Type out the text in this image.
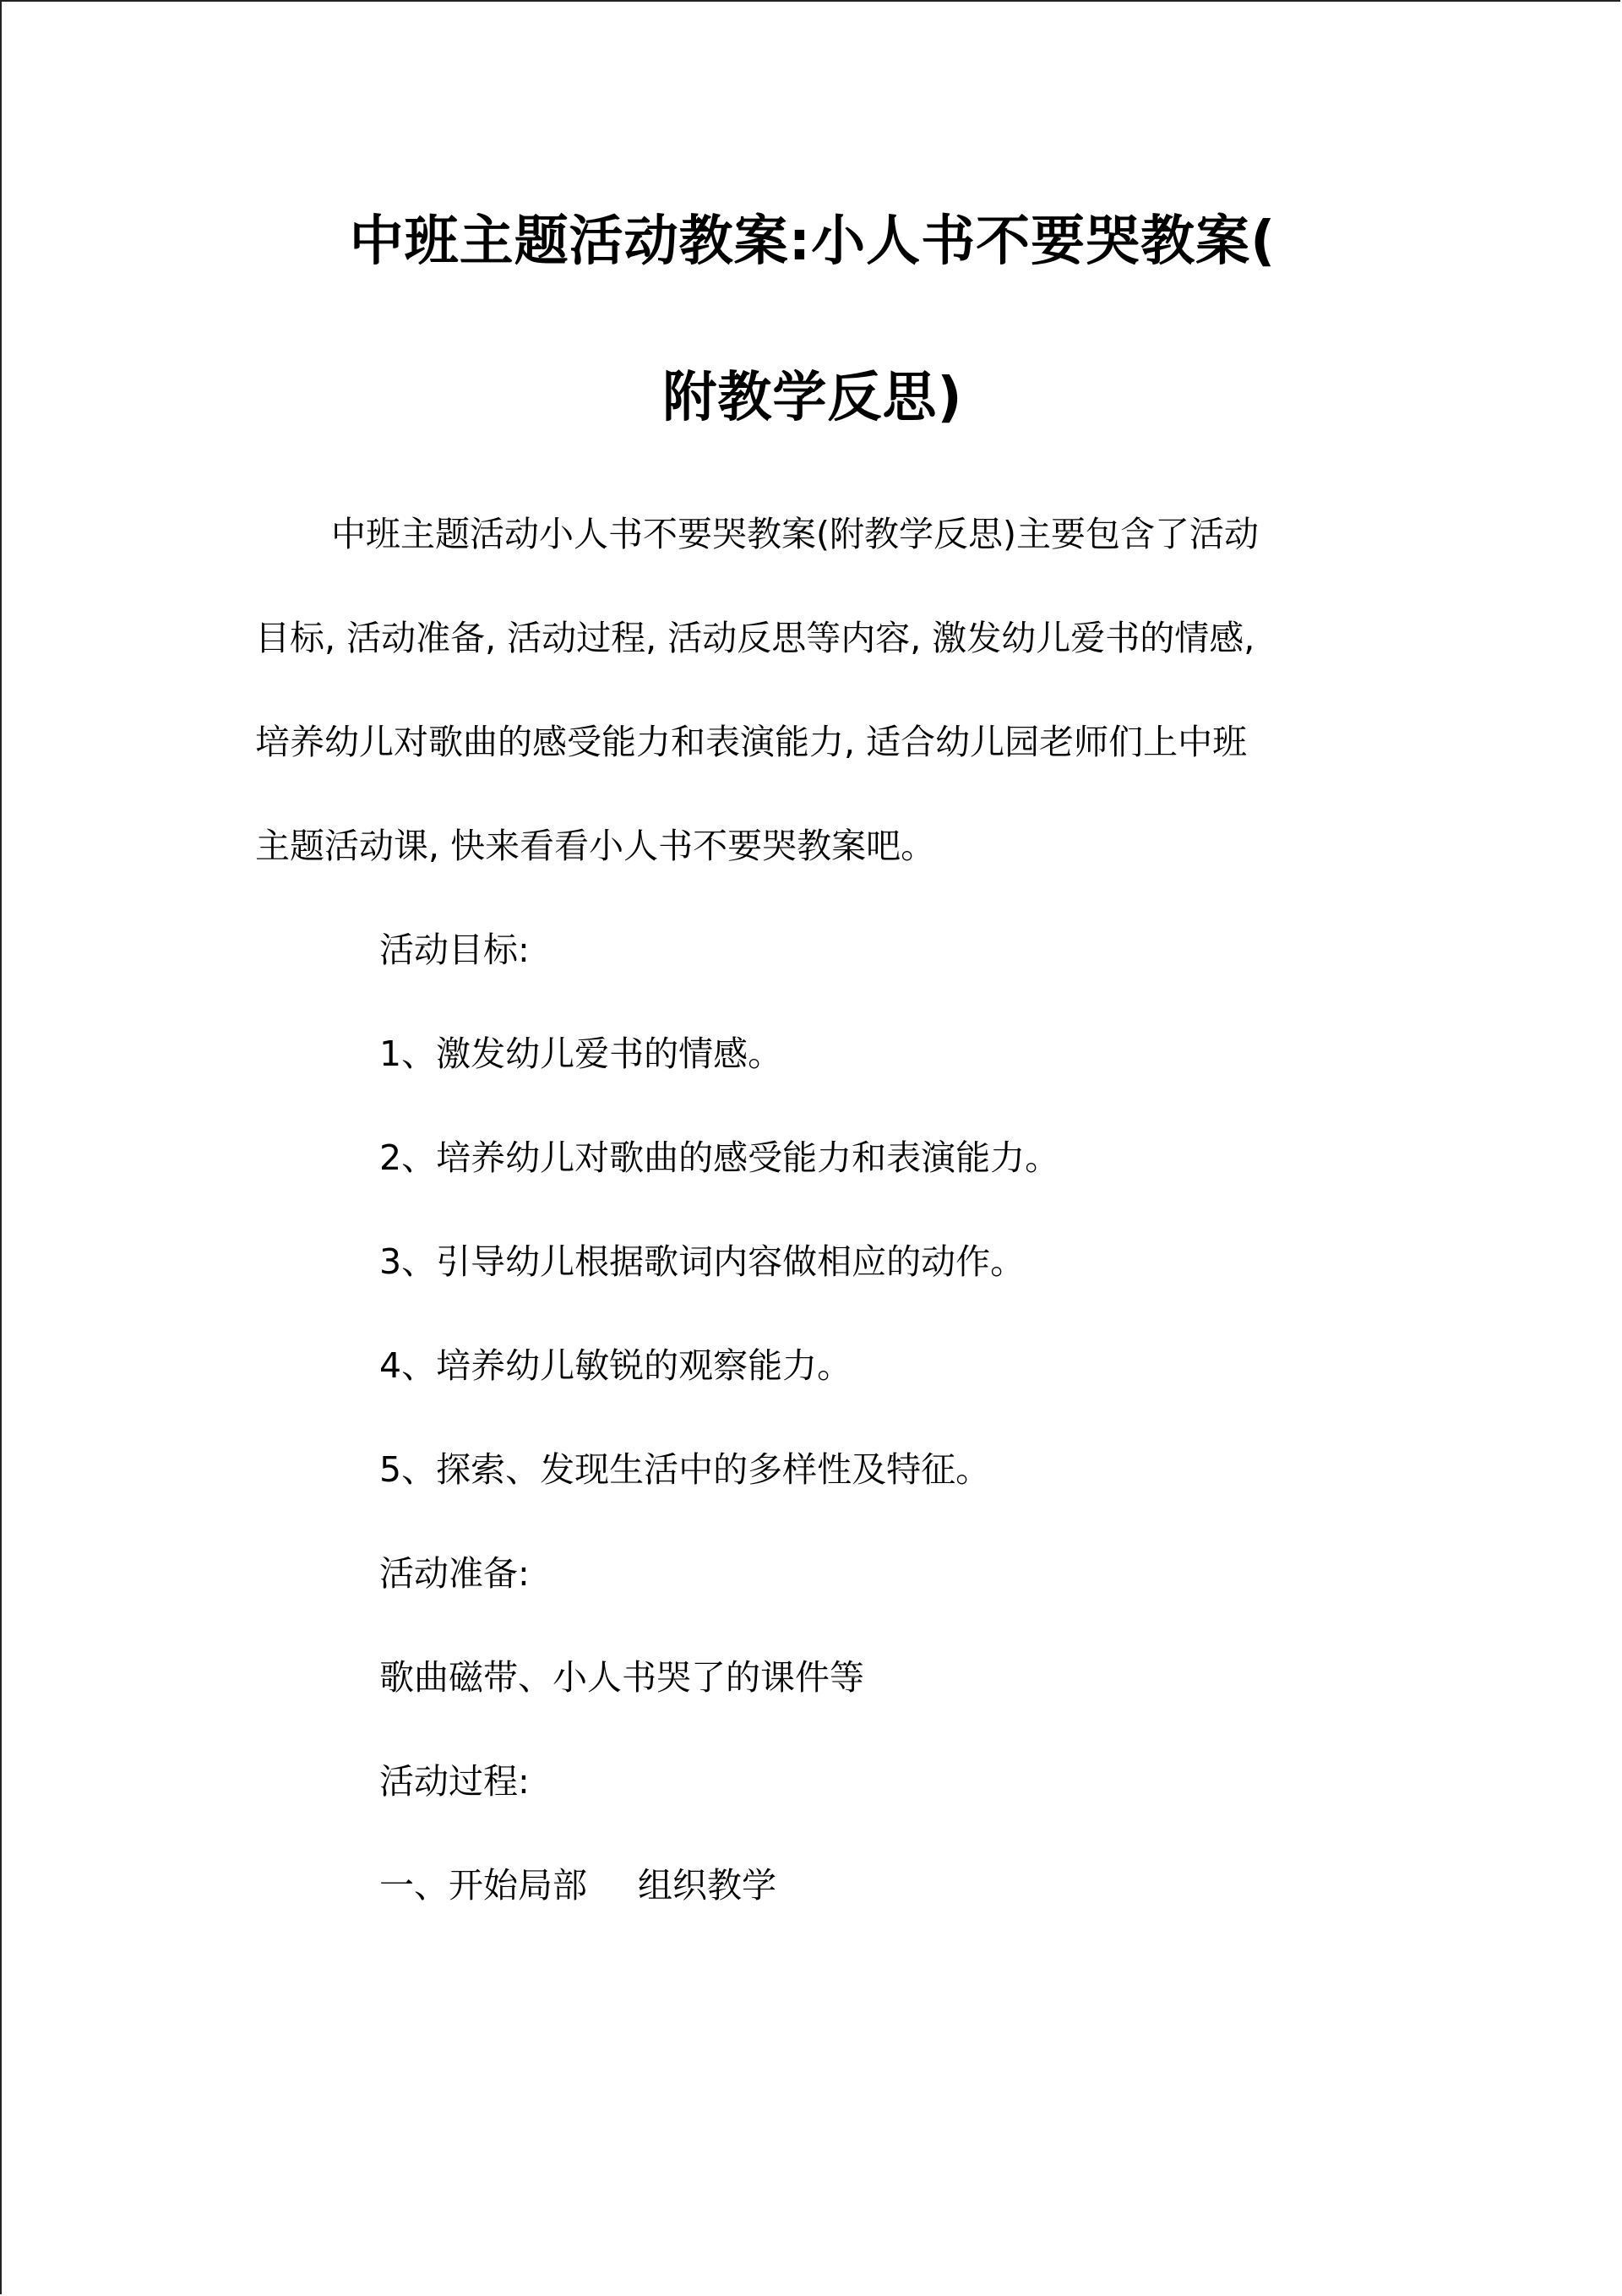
中班主题活动教案:小人书不要哭教案(
附教学反思)
中班主题活动小人书不要哭教案(附教学反思)主要包含了活动
目标, 活动准备, 活动过程, 活动反思等内容, 激发幼儿爱书的情感,
培养幼儿对歌曲的感受能力和表演能力, 适合幼儿园老师们上中班
主题活动课, 快来看看小人书不要哭教案吧。
活动目标:
1、激发幼儿爱书的情感。
2、培养幼儿对歌曲的感受能力和表演能力。
3、引导幼儿根据歌词内容做相应的动作。
4、培养幼儿敏锐的观察能力。
5、探索、发现生活中的多样性及特征。
活动准备:
歌曲磁带、小人书哭了的课件等
活动过程:
一、开始局部 组织教学
